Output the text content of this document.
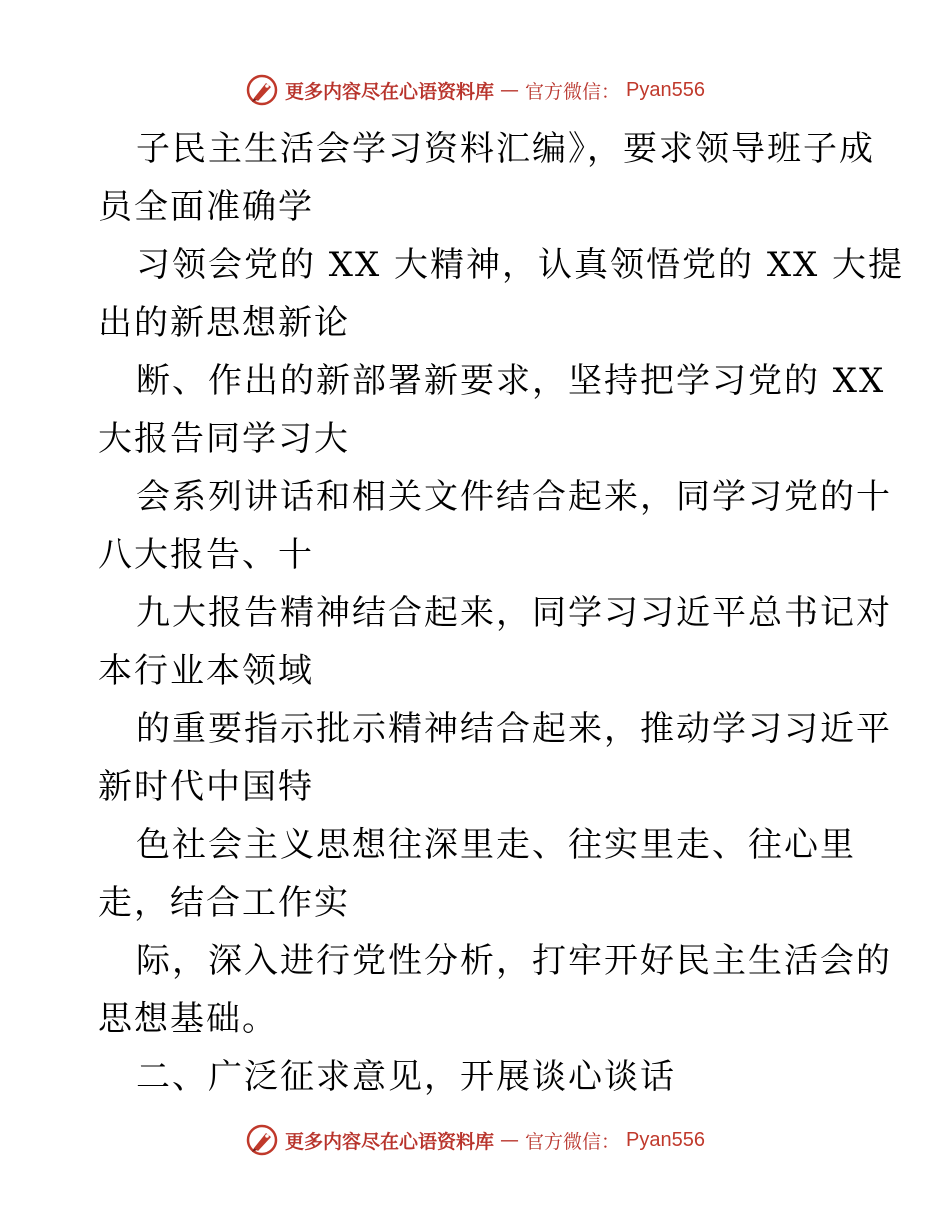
更多内容尽在心语资料库 — 官方微信： Pyan556
子民主生活会学习资料汇编》，要求领导班子成
员全面准确学
习领会党的 XX 大精神，认真领悟党的 XX 大提
出的新思想新论
断、作出的新部署新要求，坚持把学习党的 XX
大报告同学习大
会系列讲话和相关文件结合起来，同学习党的十
八大报告、十
九大报告精神结合起来，同学习习近平总书记对
本行业本领域
的重要指示批示精神结合起来，推动学习习近平
新时代中国特
色社会主义思想往深里走、往实里走、往心里
走，结合工作实
际，深入进行党性分析，打牢开好民主生活会的
思想基础。
二、广泛征求意见，开展谈心谈话
更多内容尽在心语资料库 — 官方微信： Pyan556
